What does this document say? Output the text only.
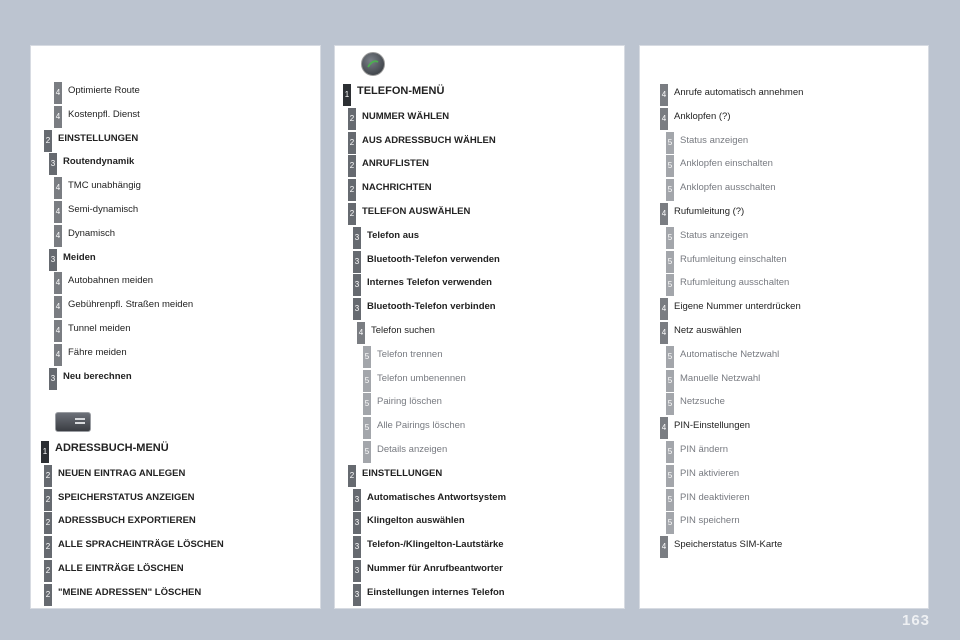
4 Optimierte Route
4 Kostenpfl. Dienst
2 EINSTELLUNGEN
3 Routendynamik
4 TMC unabhängig
4 Semi-dynamisch
4 Dynamisch
3 Meiden
4 Autobahnen meiden
4 Gebührenpfl. Straßen meiden
4 Tunnel meiden
4 Fähre meiden
3 Neu berechnen
1 ADRESSBUCH-MENÜ
2 NEUEN EINTRAG ANLEGEN
2 SPEICHERSTATUS ANZEIGEN
2 ADRESSBUCH EXPORTIEREN
2 ALLE SPRACHEINTRÄGE LÖSCHEN
2 ALLE EINTRÄGE LÖSCHEN
2 "MEINE ADRESSEN" LÖSCHEN
1 TELEFON-MENÜ
2 NUMMER WÄHLEN
2 AUS ADRESSBUCH WÄHLEN
2 ANRUFLISTEN
2 NACHRICHTEN
2 TELEFON AUSWÄHLEN
3 Telefon aus
3 Bluetooth-Telefon verwenden
3 Internes Telefon verwenden
3 Bluetooth-Telefon verbinden
4 Telefon suchen
5 Telefon trennen
5 Telefon umbenennen
5 Pairing löschen
5 Alle Pairings löschen
5 Details anzeigen
2 EINSTELLUNGEN
3 Automatisches Antwortsystem
3 Klingelton auswählen
3 Telefon-/Klingelton-Lautstärke
3 Nummer für Anrufbeantworter
3 Einstellungen internes Telefon
4 Anrufe automatisch annehmen
4 Anklopfen (?)
5 Status anzeigen
5 Anklopfen einschalten
5 Anklopfen ausschalten
4 Rufumleitung (?)
5 Status anzeigen
5 Rufumleitung einschalten
5 Rufumleitung ausschalten
4 Eigene Nummer unterdrücken
4 Netz auswählen
5 Automatische Netzwahl
5 Manuelle Netzwahl
5 Netzsuche
4 PIN-Einstellungen
5 PIN ändern
5 PIN aktivieren
5 PIN deaktivieren
5 PIN speichern
4 Speicherstatus SIM-Karte
163
